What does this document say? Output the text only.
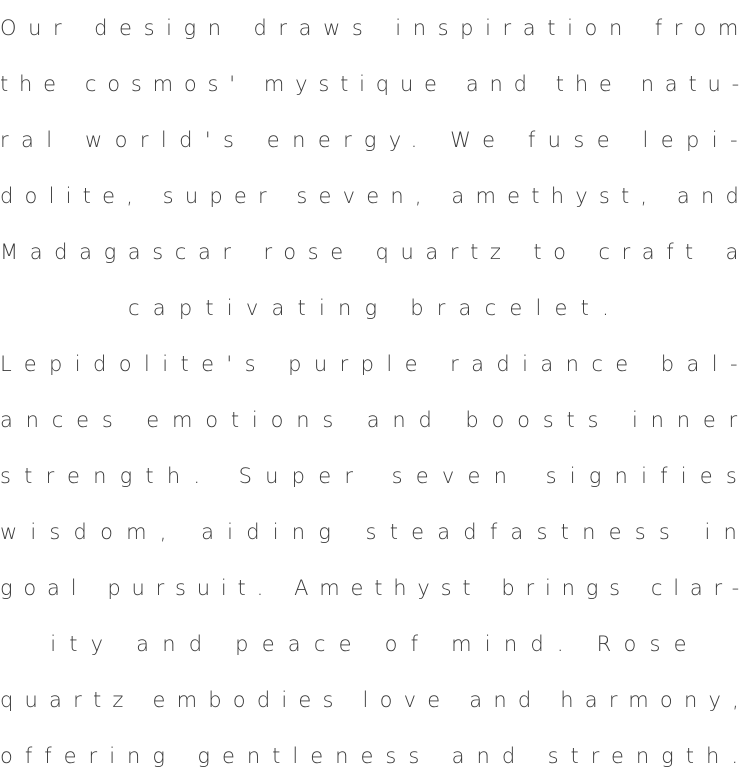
Our design draws inspiration from
the cosmos' mystique and the natu-
ral world's energy. We fuse lepi-
dolite, super seven, amethyst, and
Madagascar rose quartz to craft a
captivating bracelet.
Lepidolite's purple radiance bal-
ances emotions and boosts inner
strength. Super seven signifies
wisdom, aiding steadfastness in
goal pursuit. Amethyst brings clar-
ity and peace of mind. Rose
quartz embodies love and harmony,
offering gentleness and strength.
